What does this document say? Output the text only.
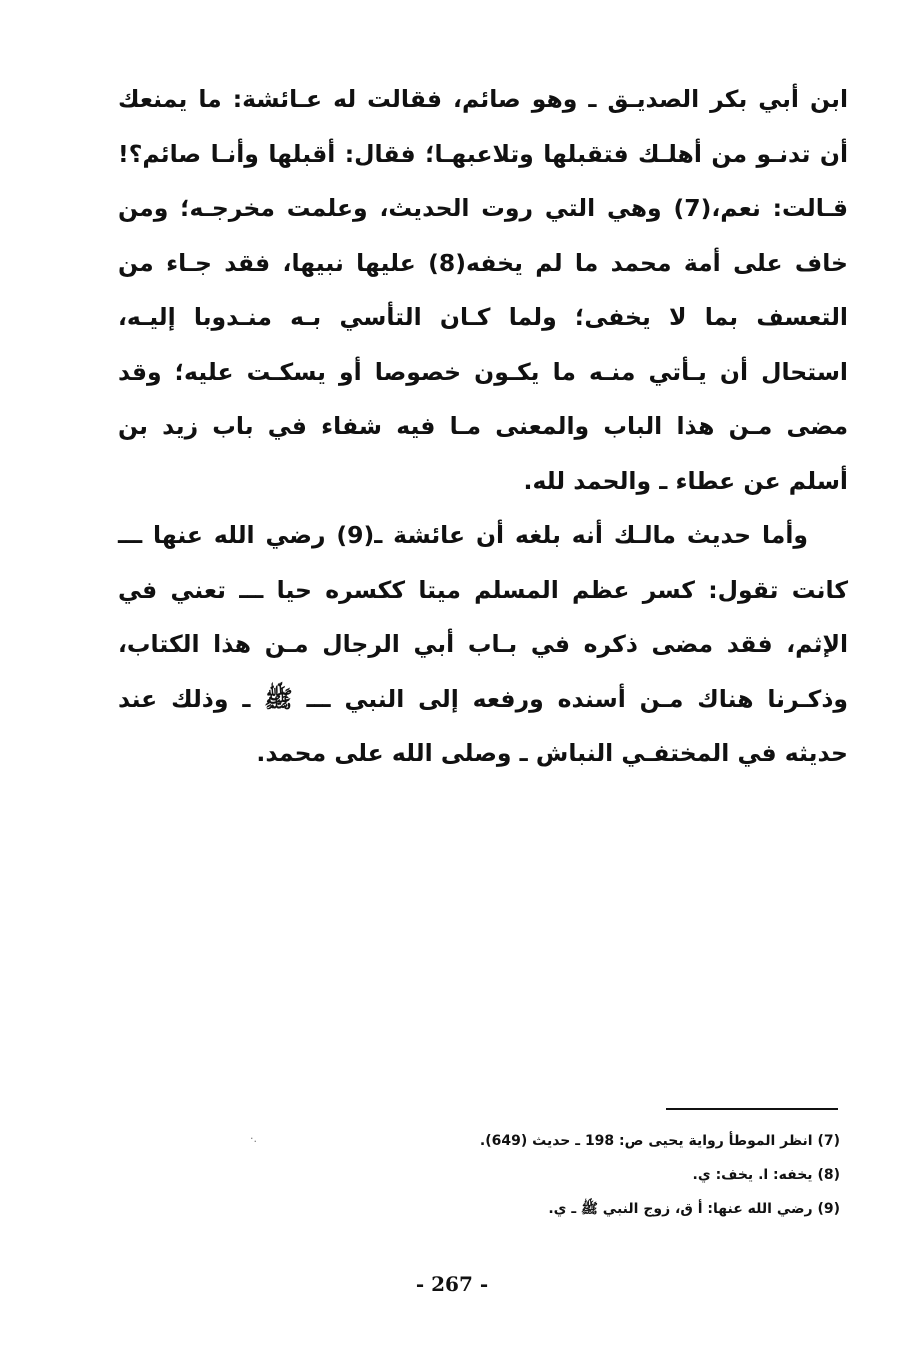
ابن أبي بكر الصديـق ـ وهو صائم، فقالت له عـائشة: ما يمنعك أن تدنـو من أهلـك فتقبلها وتلاعبهـا؛ فقال: أقبلها وأنـا صائم؟! قـالت: نعم،(7) وهي التي روت الحديث، وعلمت مخرجـه؛ ومن خاف على أمة محمد ما لم يخفه(8) عليها نبيها، فقد جـاء من التعسف بما لا يخفى؛ ولما كـان التأسي بـه منـدوبا إليـه، استحال أن يـأتي منـه ما يكـون خصوصا أو يسكـت عليه؛ وقد مضى مـن هذا الباب والمعنى مـا فيه شفاء في باب زيد بن أسلم عن عطاء ـ والحمد لله.

وأما حديث مالـك أنه بلغه أن عائشة ـ(9) رضي الله عنها ـــ كانت تقول: كسر عظم المسلم ميتا ككسره حيا ـــ تعني في الإثم، فقد مضى ذكره في بـاب أبي الرجال مـن هذا الكتاب، وذكـرنا هناك مـن أسنده ورفعه إلى النبي ـــ ﷺ ـ وذلك عند حديثه في المختفـي النباش ـ وصلى الله على محمد.

(7) انظر الموطأ رواية يحيى ص: 198 ـ حديث (649).

(8) يخفه: ا. يخف: ي.

(9) رضي الله عنها: أ ق، زوج النبي ﷺ ـ ي.

·.
- 267 -
